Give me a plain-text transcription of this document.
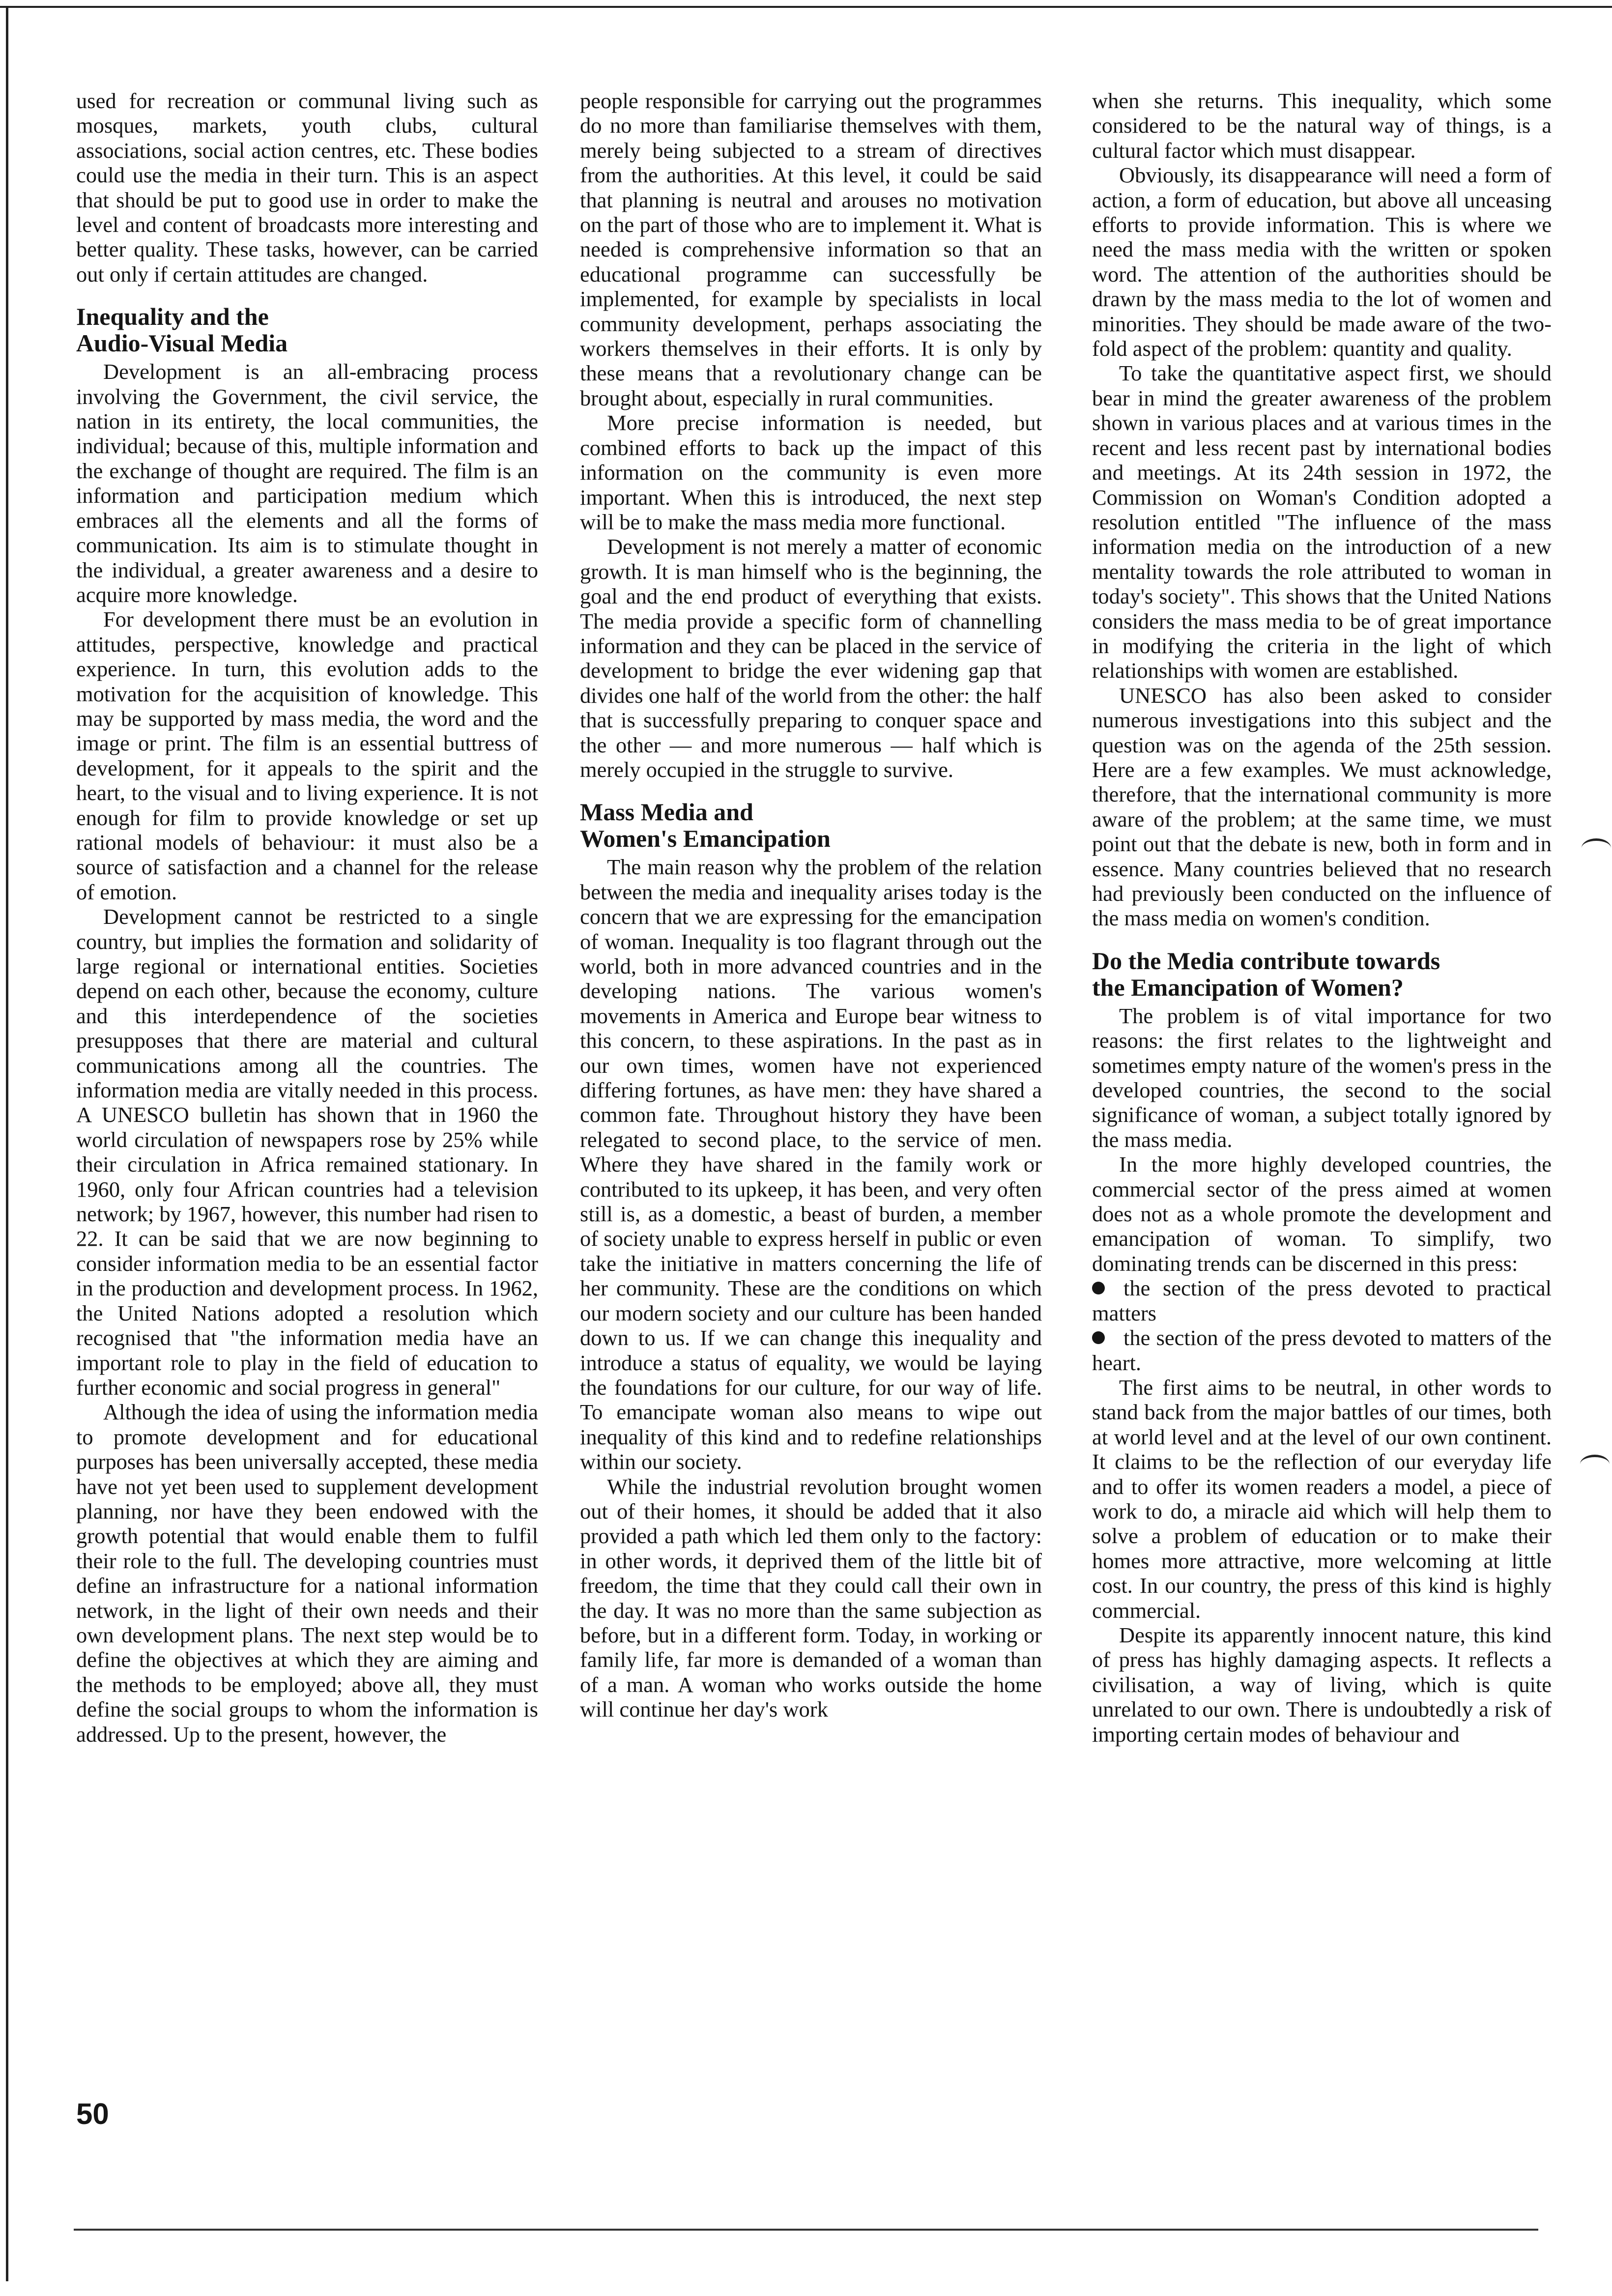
used for recreation or communal living such as mosques, markets, youth clubs, cultural associations, social action centres, etc. These bodies could use the media in their turn. This is an aspect that should be put to good use in order to make the level and content of broadcasts more interesting and better quality. These tasks, however, can be carried out only if certain attitudes are changed.

Inequality and the
Audio-Visual Media

Development is an all-embracing process involving the Government, the civil service, the nation in its entirety, the local communities, the individual; because of this, multiple information and the exchange of thought are required. The film is an information and participation medium which embraces all the elements and all the forms of communication. Its aim is to stimulate thought in the individual, a greater awareness and a desire to acquire more knowledge.

For development there must be an evolution in attitudes, perspective, knowledge and practical experience. In turn, this evolution adds to the motivation for the acquisition of knowledge. This may be supported by mass media, the word and the image or print. The film is an essential buttress of development, for it appeals to the spirit and the heart, to the visual and to living experience. It is not enough for film to provide knowledge or set up rational models of behaviour: it must also be a source of satisfaction and a channel for the release of emotion.

Development cannot be restricted to a single country, but implies the formation and solidarity of large regional or international entities. Societies depend on each other, because the economy, culture and this interdependence of the societies presupposes that there are material and cultural communications among all the countries. The information media are vitally needed in this process. A UNESCO bulletin has shown that in 1960 the world circulation of newspapers rose by 25% while their circulation in Africa remained stationary. In 1960, only four African countries had a television network; by 1967, however, this number had risen to 22. It can be said that we are now beginning to consider information media to be an essential factor in the production and development process. In 1962, the United Nations adopted a resolution which recognised that "the information media have an important role to play in the field of education to further economic and social progress in general"

Although the idea of using the information media to promote development and for educational purposes has been universally accepted, these media have not yet been used to supplement development planning, nor have they been endowed with the growth potential that would enable them to fulfil their role to the full. The developing countries must define an infrastructure for a national information network, in the light of their own needs and their own development plans. The next step would be to define the objectives at which they are aiming and the methods to be employed; above all, they must define the social groups to whom the information is addressed. Up to the present, however, the

people responsible for carrying out the programmes do no more than familiarise themselves with them, merely being subjected to a stream of directives from the authorities. At this level, it could be said that planning is neutral and arouses no motivation on the part of those who are to implement it. What is needed is comprehensive information so that an educational programme can successfully be implemented, for example by specialists in local community development, perhaps associating the workers themselves in their efforts. It is only by these means that a revolutionary change can be brought about, especially in rural communities.

More precise information is needed, but combined efforts to back up the impact of this information on the community is even more important. When this is introduced, the next step will be to make the mass media more functional.

Development is not merely a matter of economic growth. It is man himself who is the beginning, the goal and the end product of everything that exists. The media provide a specific form of channelling information and they can be placed in the service of development to bridge the ever widening gap that divides one half of the world from the other: the half that is successfully preparing to conquer space and the other — and more numerous — half which is merely occupied in the struggle to survive.

Mass Media and
Women's Emancipation

The main reason why the problem of the relation between the media and inequality arises today is the concern that we are expressing for the emancipation of woman. Inequality is too flagrant through out the world, both in more advanced countries and in the developing nations. The various women's movements in America and Europe bear witness to this concern, to these aspirations. In the past as in our own times, women have not experienced differing fortunes, as have men: they have shared a common fate. Throughout history they have been relegated to second place, to the service of men. Where they have shared in the family work or contributed to its upkeep, it has been, and very often still is, as a domestic, a beast of burden, a member of society unable to express herself in public or even take the initiative in matters concerning the life of her community. These are the conditions on which our modern society and our culture has been handed down to us. If we can change this inequality and introduce a status of equality, we would be laying the foundations for our culture, for our way of life. To emancipate woman also means to wipe out inequality of this kind and to redefine relationships within our society.

While the industrial revolution brought women out of their homes, it should be added that it also provided a path which led them only to the factory: in other words, it deprived them of the little bit of freedom, the time that they could call their own in the day. It was no more than the same subjection as before, but in a different form. Today, in working or family life, far more is demanded of a woman than of a man. A woman who works outside the home will continue her day's work

when she returns. This inequality, which some considered to be the natural way of things, is a cultural factor which must disappear.

Obviously, its disappearance will need a form of action, a form of education, but above all unceasing efforts to provide information. This is where we need the mass media with the written or spoken word. The attention of the authorities should be drawn by the mass media to the lot of women and minorities. They should be made aware of the two-fold aspect of the problem: quantity and quality.

To take the quantitative aspect first, we should bear in mind the greater awareness of the problem shown in various places and at various times in the recent and less recent past by international bodies and meetings. At its 24th session in 1972, the Commission on Woman's Condition adopted a resolution entitled "The influence of the mass information media on the introduction of a new mentality towards the role attributed to woman in today's society". This shows that the United Nations considers the mass media to be of great importance in modifying the criteria in the light of which relationships with women are established.

UNESCO has also been asked to consider numerous investigations into this subject and the question was on the agenda of the 25th session. Here are a few examples. We must acknowledge, therefore, that the international community is more aware of the problem; at the same time, we must point out that the debate is new, both in form and in essence. Many countries believed that no research had previously been conducted on the influence of the mass media on women's condition.

Do the Media contribute towards
the Emancipation of Women?

The problem is of vital importance for two reasons: the first relates to the lightweight and sometimes empty nature of the women's press in the developed countries, the second to the social significance of woman, a subject totally ignored by the mass media.

In the more highly developed countries, the commercial sector of the press aimed at women does not as a whole promote the development and emancipation of woman. To simplify, two dominating trends can be discerned in this press:

the section of the press devoted to practical matters

the section of the press devoted to matters of the heart.

The first aims to be neutral, in other words to stand back from the major battles of our times, both at world level and at the level of our own continent. It claims to be the reflection of our everyday life and to offer its women readers a model, a piece of work to do, a miracle aid which will help them to solve a problem of education or to make their homes more attractive, more welcoming at little cost. In our country, the press of this kind is highly commercial.

Despite its apparently innocent nature, this kind of press has highly damaging aspects. It reflects a civilisation, a way of living, which is quite unrelated to our own. There is undoubtedly a risk of importing certain modes of behaviour and

50
